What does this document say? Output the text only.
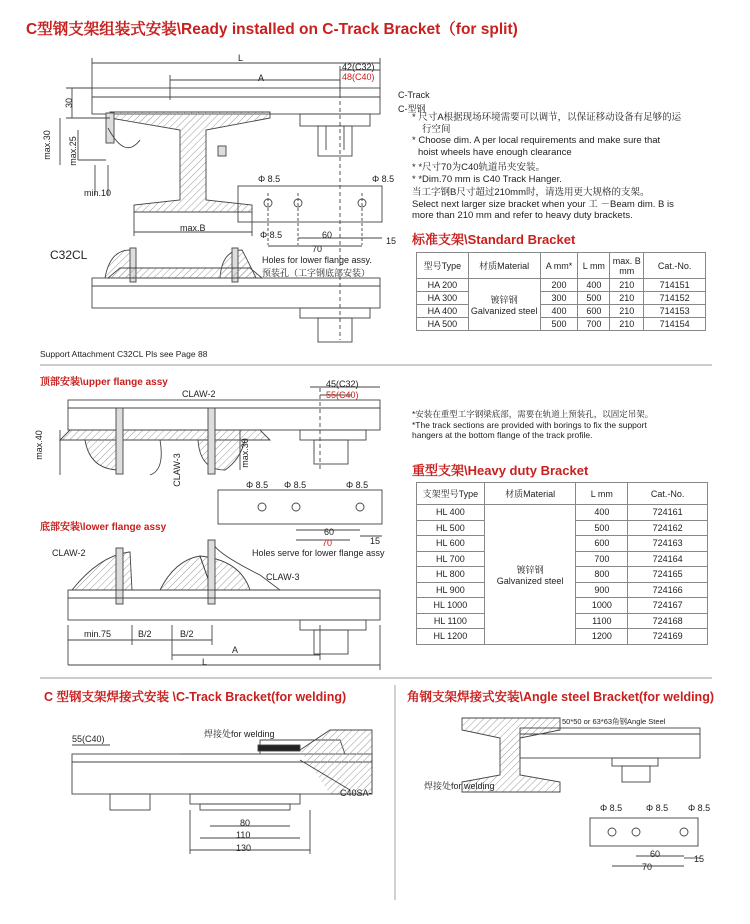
C型钢支架组装式安装\Ready installed on C-Track Bracket（for split)
标准支架\Standard Bracket
顶部安装\upper flange assy
底部安装\lower flange assy
重型支架\Heavy duty Bracket
C 型钢支架焊接式安装 \C-Track Bracket(for welding)	角钢支架焊接式安装\Angle steel Bracket(for welding)
* 尺寸A根据现场环境需要可以调节，以保证移动设备有足够的运
行空间
* Choose dim. A per local requirements and make sure that
hoist wheels have enough clearance
* *尺寸70为C40轨道吊夹安装。
* *Dim.70 mm is C40 Track Hanger.
当工字钢B尺寸超过210mm时，请选用更大规格的支架。
Select next larger size bracket when your 工 －Beam dim. B is
more than 210 mm and refer to heavy duty brackets.
Support Attachment C32CL Pls see Page 88
*安装在重型工字钢梁底部，需要在轨道上预装孔，以固定吊架。
*The track sections are provided with borings to fix the support
hangers at the bottom flange of the track profile.
L
A
42(C32)
48(C40)
C-Track
C-型钢
30
max.30 max.25
min.10
max.B
Φ 8.5	Φ 8.5
Φ 8.5	60
70
15
C32CL	Holes for lower flange assy.
预装孔（工字钢底部安装）
45(C32)
55(C40)
CLAW-2
max.40
CLAW-3
max.30
Φ 8.5 Φ 8.5	Φ 8.5
60
70	15
Holes serve for lower flange assy
CLAW-2
CLAW-3
min.75	B/2	B/2
A
L
55(C40)	焊接处for welding
C40SA-
80
110
130
50*50 or 63*63角钢Angle Steel
焊接处for welding
Φ 8.5	Φ 8.5 Φ 8.5
60
70
15
型号Type	材质Material	A mm*	L mm	max. B mm	Cat.-No.
HA 200	镀锌钢
Galvanized steel	200	400	210	714151
HA 300		300	500	210	714152
HA 400		400	600	210	714153
HA 500		500	700	210	714154
支架型号Type	材质Material	L mm	Cat.-No.
HL 400	镀锌钢
Galvanized steel	400	724161
HL 500		500	724162
HL 600		600	724163
HL 700		700	724164
HL 800		800	724165
HL 900		900	724166
HL 1000		1000	724167
HL 1100		1100	724168
HL 1200		1200	724169
